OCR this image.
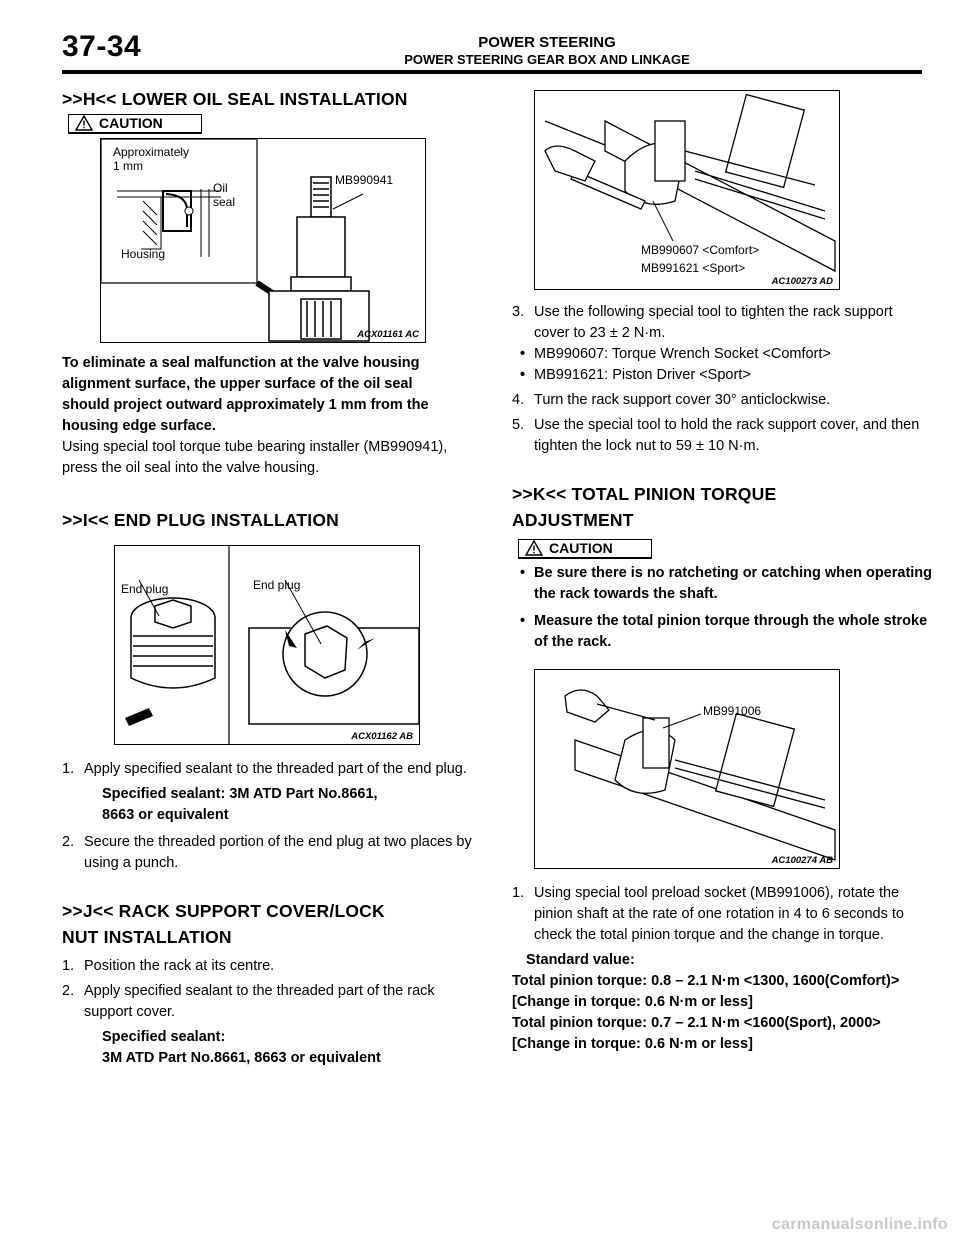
37-34	POWER STEERING
POWER STEERING GEAR BOX AND LINKAGE
>>H<< LOWER OIL SEAL INSTALLATION
CAUTION
Approximately
1 mm
Oil
seal
Housing
MB990941
ACX01161 AC

To eliminate a seal malfunction at the valve housing alignment surface, the upper surface of the oil seal should project outward approximately 1 mm from the housing edge surface.

Using special tool torque tube bearing installer (MB990941), press the oil seal into the valve housing.

>>I<< END PLUG INSTALLATION
End plug	End plug
ACX01162 AB
1. Apply specified sealant to the threaded part of the end plug.
Specified sealant: 3M ATD Part No.8661,
8663 or equivalent
2. Secure the threaded portion of the end plug at two places by using a punch.
>>J<< RACK SUPPORT COVER/LOCK
NUT INSTALLATION
1. Position the rack at its centre.
2. Apply specified sealant to the threaded part of the rack support cover.
Specified sealant:
3M ATD Part No.8661, 8663 or equivalent
MB990607 <Comfort>
MB991621 <Sport>
AC100273 AD
3. Use the following special tool to tighten the rack support cover to 23 ± 2 N·m.
• MB990607: Torque Wrench Socket <Comfort>
• MB991621: Piston Driver <Sport>
4. Turn the rack support cover 30° anticlockwise.
5. Use the special tool to hold the rack support cover, and then tighten the lock nut to 59 ± 10 N·m.
>>K<< TOTAL PINION TORQUE
ADJUSTMENT
CAUTION
• Be sure there is no ratcheting or catching when operating the rack towards the shaft.
• Measure the total pinion torque through the whole stroke of the rack.
MB991006
AC100274 AB
1. Using special tool preload socket (MB991006), rotate the pinion shaft at the rate of one rotation in 4 to 6 seconds to check the total pinion torque and the change in torque.
Standard value:
Total pinion torque: 0.8 – 2.1 N·m <1300, 1600(Comfort)>
[Change in torque: 0.6 N·m or less]
Total pinion torque: 0.7 – 2.1 N·m <1600(Sport), 2000>
[Change in torque: 0.6 N·m or less]
carmanualsonline.info
